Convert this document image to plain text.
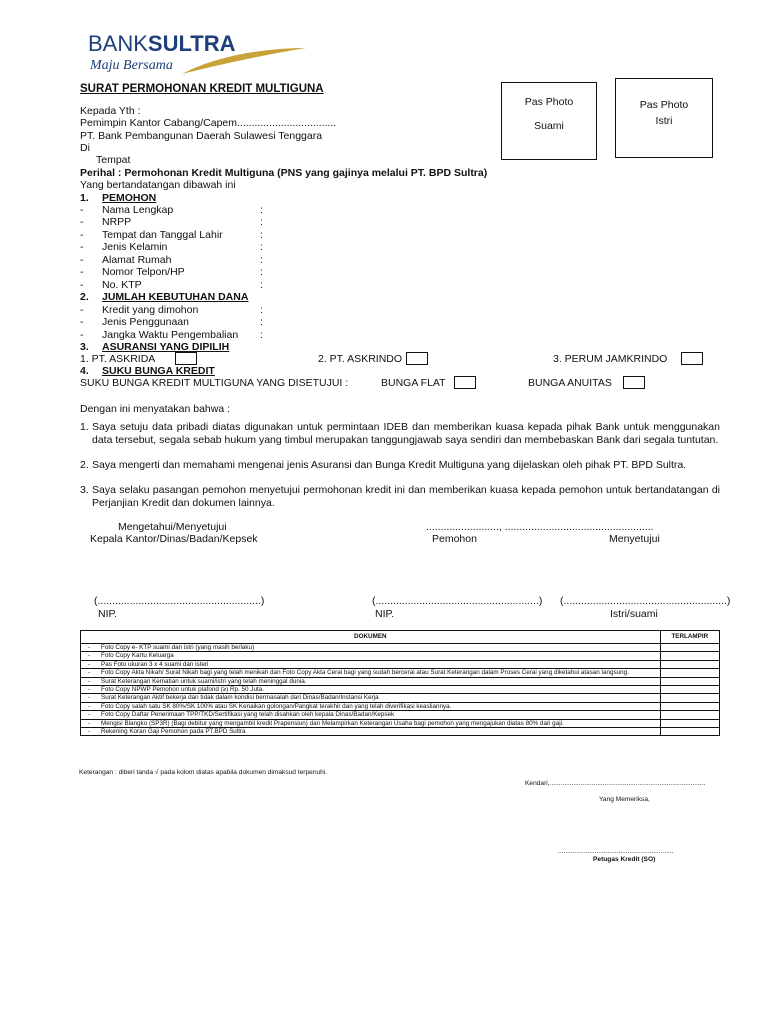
BANKSULTRA
Maju Bersama
SURAT PERMOHONAN KREDIT MULTIGUNA
Pas Photo
Suami
Pas Photo
Istri
Kepada Yth :
Pemimpin Kantor Cabang/Capem..................................
PT. Bank Pembangunan Daerah Sulawesi Tenggara
Di
Tempat
Perihal : Permohonan Kredit Multiguna (PNS yang gajinya melalui PT. BPD Sultra)
Yang bertandatangan dibawah ini
1. PEMOHON
- Nama Lengkap	:
- NRPP	:
- Tempat dan Tanggal Lahir	:
- Jenis Kelamin	:
- Alamat Rumah	:
- Nomor Telpon/HP	:
- No. KTP	:
2. JUMLAH KEBUTUHAN DANA
- Kredit yang dimohon	:
- Jenis Penggunaan	:
- Jangka Waktu Pengembalian :
3. ASURANSI YANG DIPILIH
1. PT. ASKRIDA	2. PT. ASKRINDO	3. PERUM JAMKRINDO
4. SUKU BUNGA KREDIT
SUKU BUNGA KREDIT MULTIGUNA YANG DISETUJUI :	BUNGA FLAT	BUNGA ANUITAS
Dengan ini menyatakan bahwa :
1. Saya setuju data pribadi diatas digunakan untuk permintaan IDEB dan memberikan kuasa kepada pihak Bank untuk menggunakan data tersebut, segala sebab hukum yang timbul merupakan tanggungjawab saya sendiri dan membebaskan Bank dari segala tuntutan.
2. Saya mengerti dan memahami mengenai jenis Asuransi dan Bunga Kredit Multiguna yang dijelaskan oleh pihak PT. BPD Sultra.
3. Saya selaku pasangan pemohon menyetujui permohonan kredit ini dan memberikan kuasa kepada pemohon untuk bertandatangan di Perjanjian Kredit dan dokumen lainnya.
Mengetahui/Menyetujui	........................., ...................................................
Kepala Kantor/Dinas/Badan/Kepsek	Pemohon	Menyetujui
(........................................................)	(........................................................) (........................................................)
NIP.	NIP.	Istri/suami
DOKUMEN	TERLAMPIR

- Foto Copy e- KTP suami dan istri (yang masih berlaku)	

- Foto Copy Kartu Keluarga	

- Pas Foto ukuran 3 x 4 suami dan isteri	

- Foto Copy Akta Nikah/ Surat Nikah bagi yang telah menikah dan Foto Copy Akta Cerai bagi yang sudah bercerai atau Surat Keterangan dalam Proses Cerai yang diketahui atasan langsung.	

- Surat Keterangan Kematian untuk suami/istri yang telah meninggal dunia.	

- Foto Copy NPWP Pemohon untuk plafond (≥) Rp. 50 Juta.	

- Surat Keterangan Aktif bekerja dan tidak dalam kondisi bermasalah dari Dinas/Badan/Instansi Kerja	

- Foto Copy salah satu SK 80%/SK 100% atau SK Kenaikan golongan/Pangkat terakhir dan yang telah diverifikasi keasliannya.	

- Foto Copy Daftar Penerimaan TPP/TKD/Sertifikasi yang telah disahkan oleh kepala Dinas/Badan/Kepsek	

- Mengisi Blangko (SP3R) (Bagi debitur yang mengambil kredit Prapensiun) dan Melampirkan Keterangan Usaha bagi pemohon yang mengajukan diatas 80% dari gaji.	

- Rekening Koran Gaji Pemohon pada PT.BPD Sultra	
Keterangan : diberi tanda √ pada kolom diatas apabila dokumen dimaksud terpenuhi.
Kendari,.....................................................................................
Yang Memeriksa,
...............................................................
Petugas Kredit (SO)
